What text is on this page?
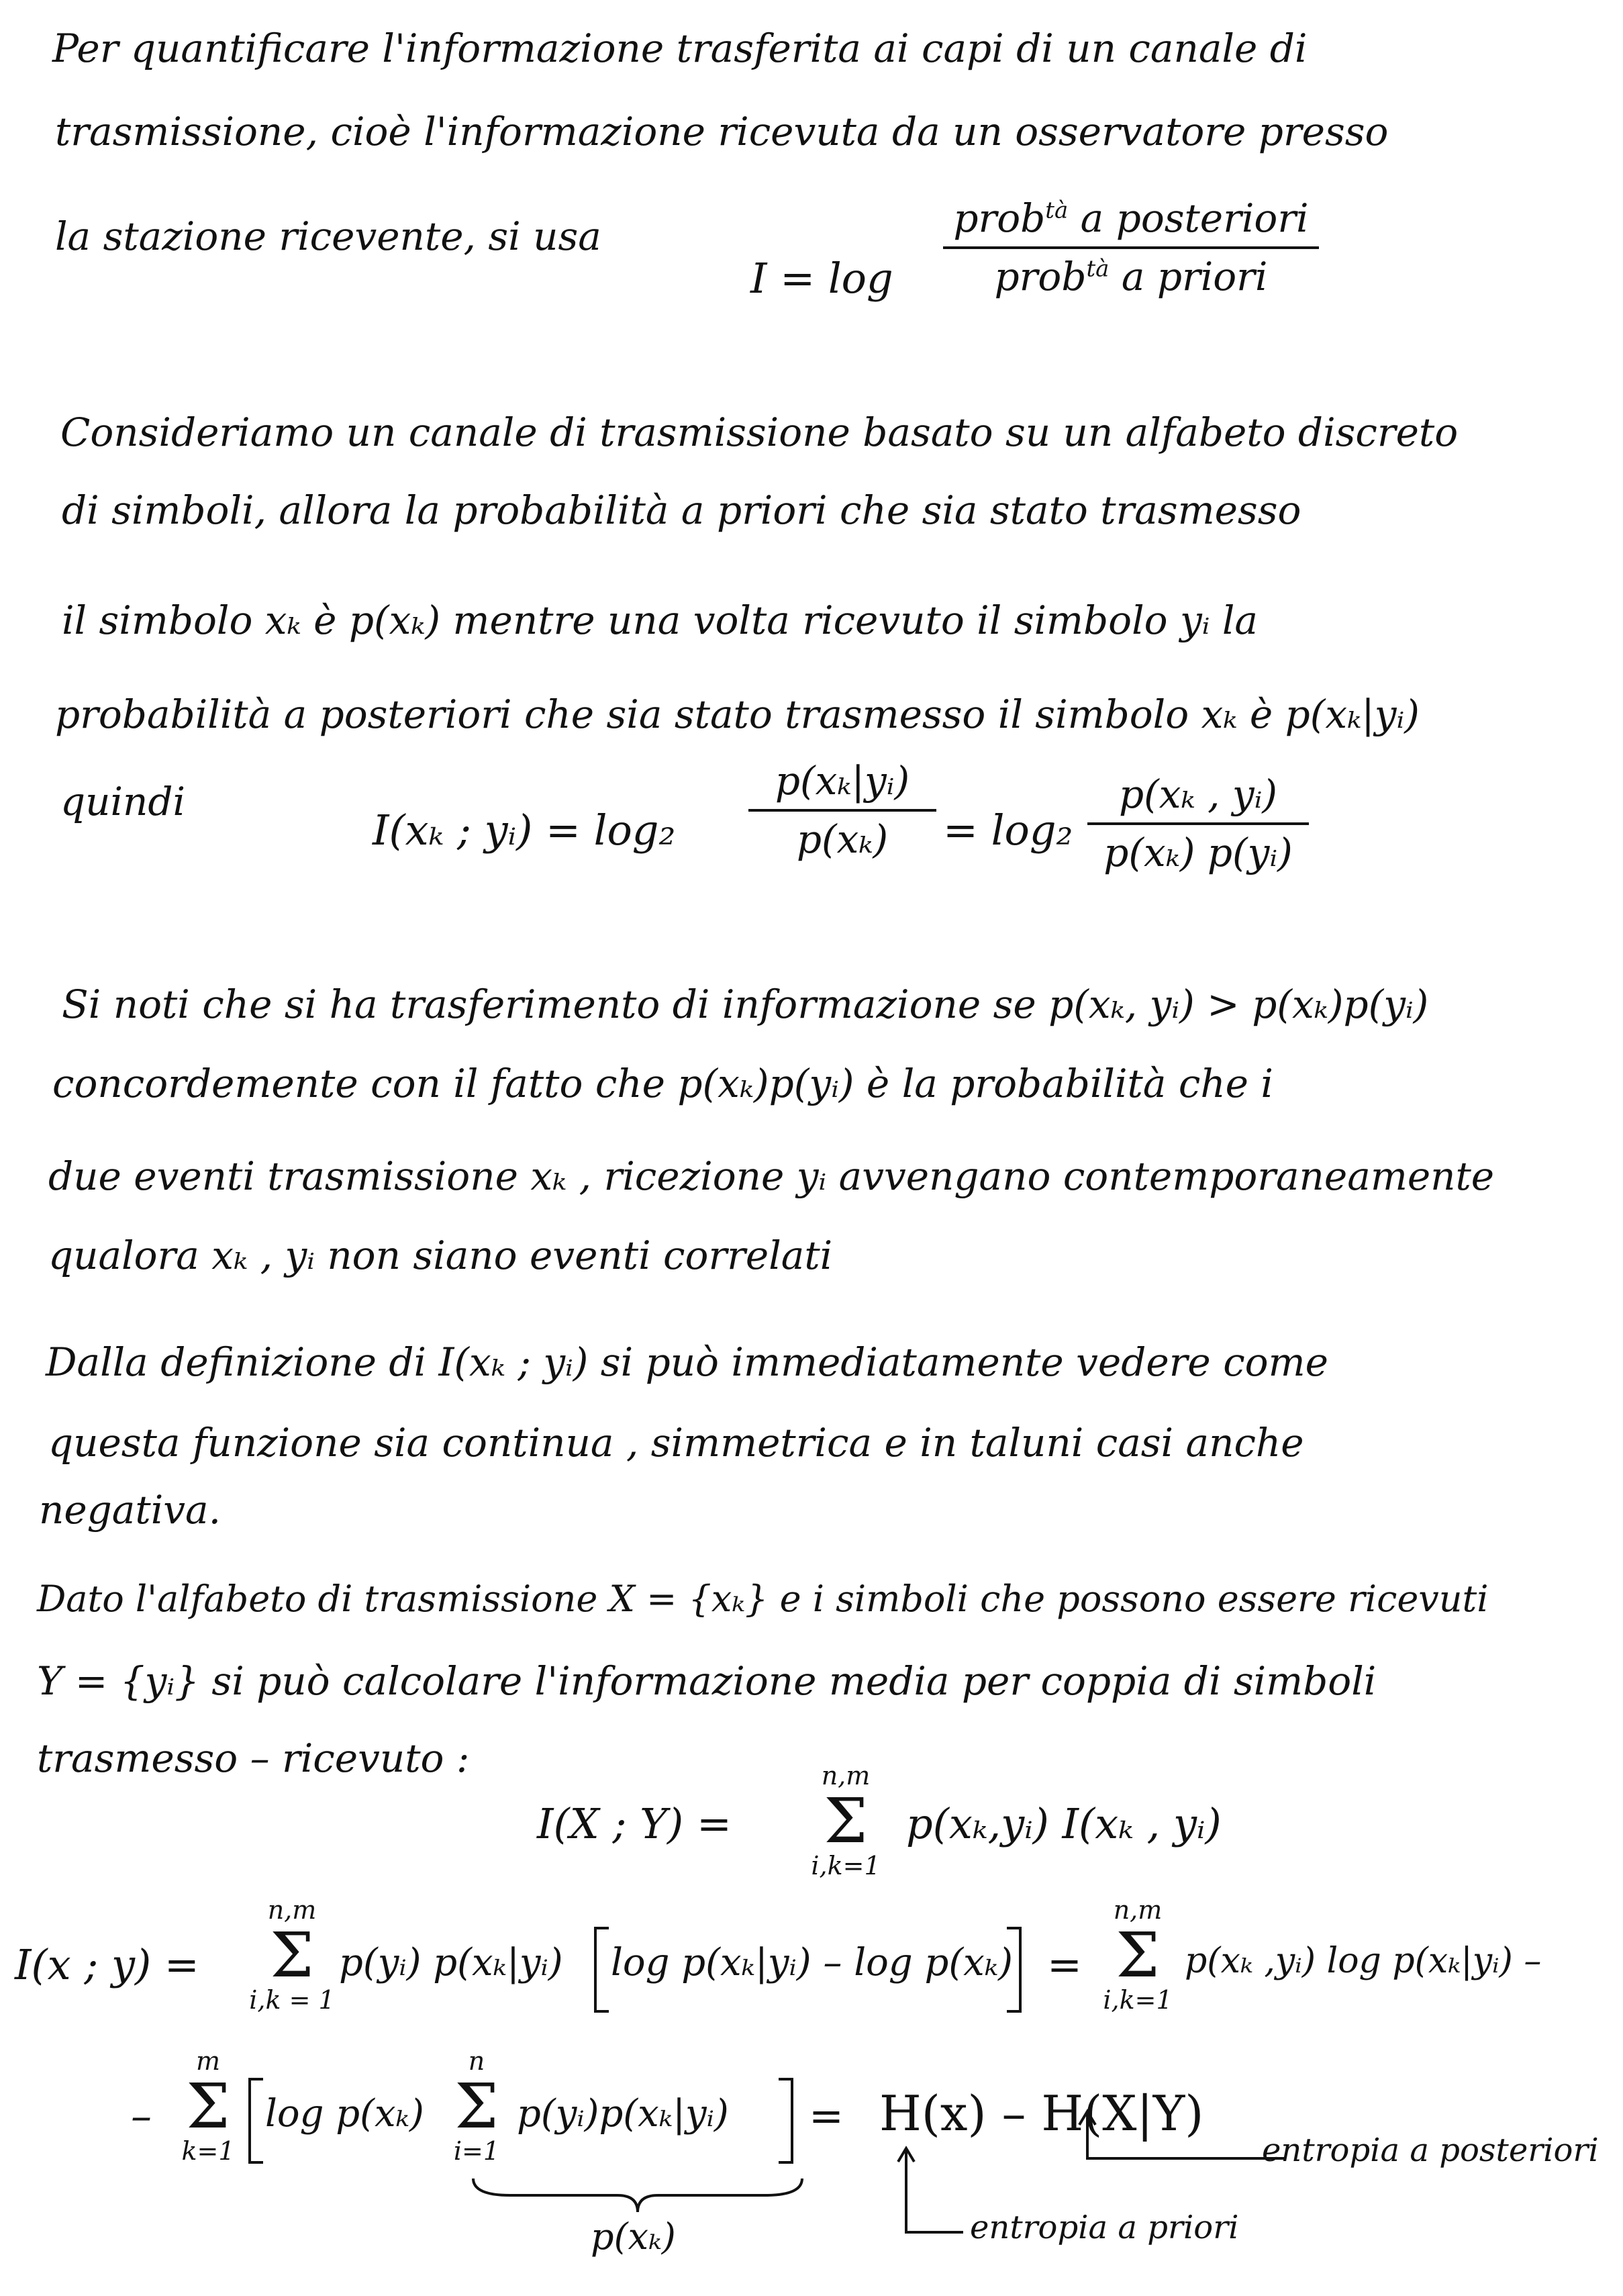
Per quantificare l'informazione trasferita ai capi di un canale di
trasmissione, cioè l'informazione ricevuta da un osservatore presso
la stazione ricevente, si usa
I = log
prob$^{tà}$ a posteriori
prob$^{tà}$ a priori
Consideriamo un canale di trasmissione basato su un alfabeto discreto
di simboli, allora la probabilità a priori che sia stato trasmesso
il simbolo xₖ è p(xₖ) mentre una volta ricevuto il simbolo yᵢ la
probabilità a posteriori che sia stato trasmesso il simbolo xₖ è p(xₖ|yᵢ)
quindi
I(xₖ ; yᵢ) = log₂
p(xₖ|yᵢ)
p(xₖ)	= log₂
p(xₖ , yᵢ)
p(xₖ) p(yᵢ)
Si noti che si ha trasferimento di informazione se p(xₖ, yᵢ) > p(xₖ)p(yᵢ)
concordemente con il fatto che p(xₖ)p(yᵢ) è la probabilità che i
due eventi trasmissione xₖ , ricezione yᵢ avvengano contemporaneamente
qualora xₖ , yᵢ non siano eventi correlati
Dalla definizione di I(xₖ ; yᵢ) si può immediatamente vedere come
questa funzione sia continua , simmetrica e in taluni casi anche
negativa.
Dato l'alfabeto di trasmissione X = {xₖ} e i simboli che possono essere ricevuti
Y = {yᵢ} si può calcolare l'informazione media per coppia di simboli
trasmesso – ricevuto :
I(X ; Y) =
n,m
Σ
i,k=1
p(xₖ,yᵢ) I(xₖ , yᵢ)
I(x ; y) =
n,m
Σ
i,k = 1
p(yᵢ) p(xₖ|yᵢ) log p(xₖ|yᵢ) – log p(xₖ) =
n,m
Σ
i,k=1
p(xₖ ,yᵢ) log p(xₖ|yᵢ) –
–
m
Σ
k=1
log p(xₖ)
n
Σ
i=1
p(yᵢ)p(xₖ|yᵢ) = H(x) – H(X|Y)
p(xₖ)	entropia a priori
entropia a posteriori
